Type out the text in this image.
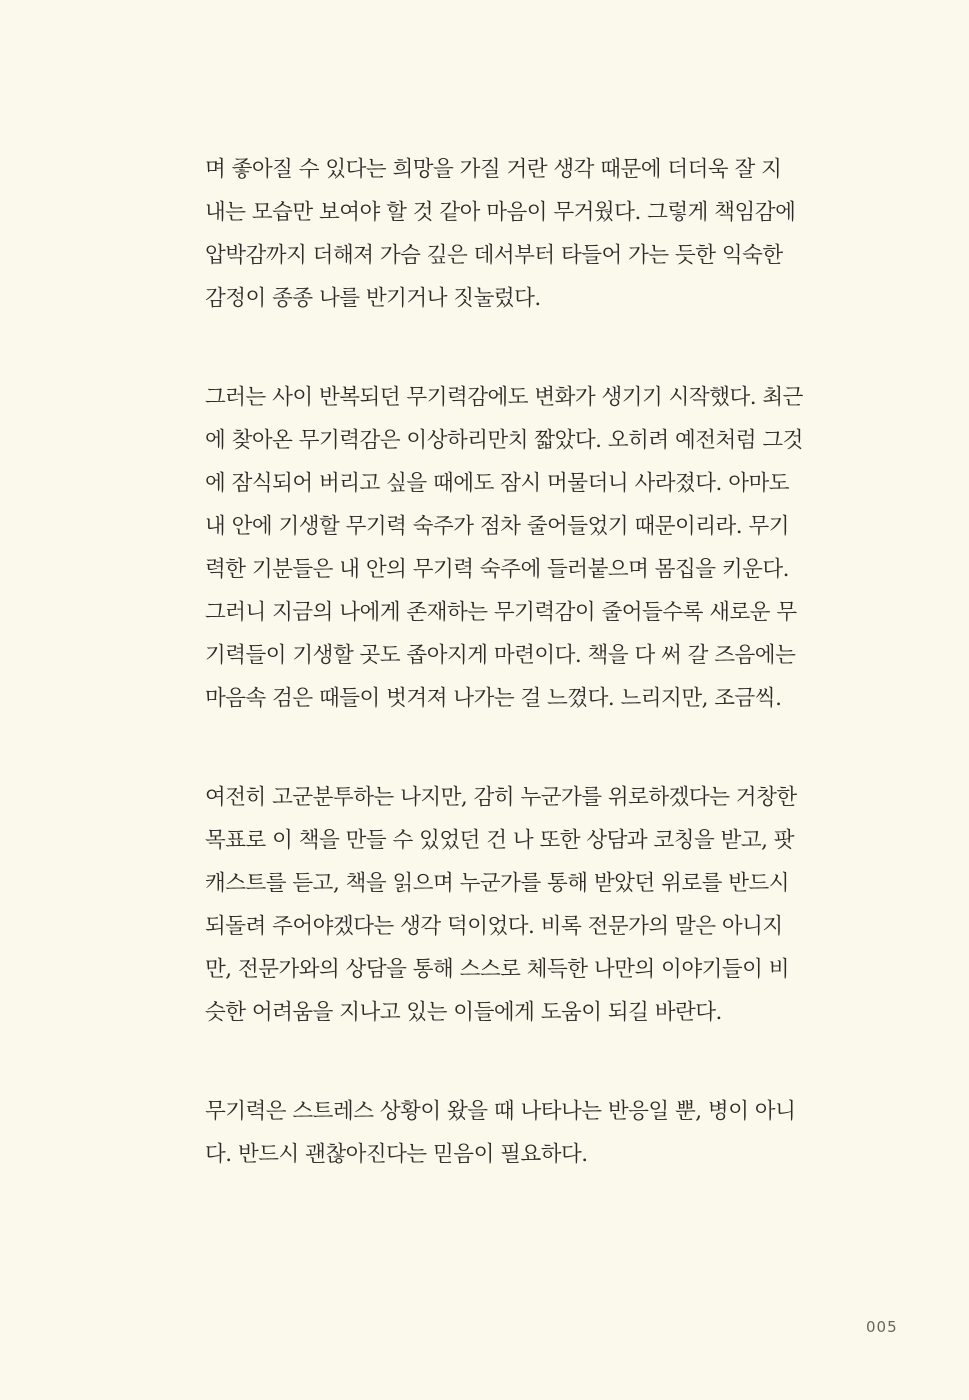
며 좋아질 수 있다는 희망을 가질 거란 생각 때문에 더더욱 잘 지
내는 모습만 보여야 할 것 같아 마음이 무거웠다. 그렇게 책임감에
압박감까지 더해져 가슴 깊은 데서부터 타들어 가는 듯한 익숙한
감정이 종종 나를 반기거나 짓눌렀다.
그러는 사이 반복되던 무기력감에도 변화가 생기기 시작했다. 최근
에 찾아온 무기력감은 이상하리만치 짧았다. 오히려 예전처럼 그것
에 잠식되어 버리고 싶을 때에도 잠시 머물더니 사라졌다. 아마도
내 안에 기생할 무기력 숙주가 점차 줄어들었기 때문이리라. 무기
력한 기분들은 내 안의 무기력 숙주에 들러붙으며 몸집을 키운다.
그러니 지금의 나에게 존재하는 무기력감이 줄어들수록 새로운 무
기력들이 기생할 곳도 좁아지게 마련이다. 책을 다 써 갈 즈음에는
마음속 검은 때들이 벗겨져 나가는 걸 느꼈다. 느리지만, 조금씩.
여전히 고군분투하는 나지만, 감히 누군가를 위로하겠다는 거창한
목표로 이 책을 만들 수 있었던 건 나 또한 상담과 코칭을 받고, 팟
캐스트를 듣고, 책을 읽으며 누군가를 통해 받았던 위로를 반드시
되돌려 주어야겠다는 생각 덕이었다. 비록 전문가의 말은 아니지
만, 전문가와의 상담을 통해 스스로 체득한 나만의 이야기들이 비
슷한 어려움을 지나고 있는 이들에게 도움이 되길 바란다.
무기력은 스트레스 상황이 왔을 때 나타나는 반응일 뿐, 병이 아니
다. 반드시 괜찮아진다는 믿음이 필요하다.
005
